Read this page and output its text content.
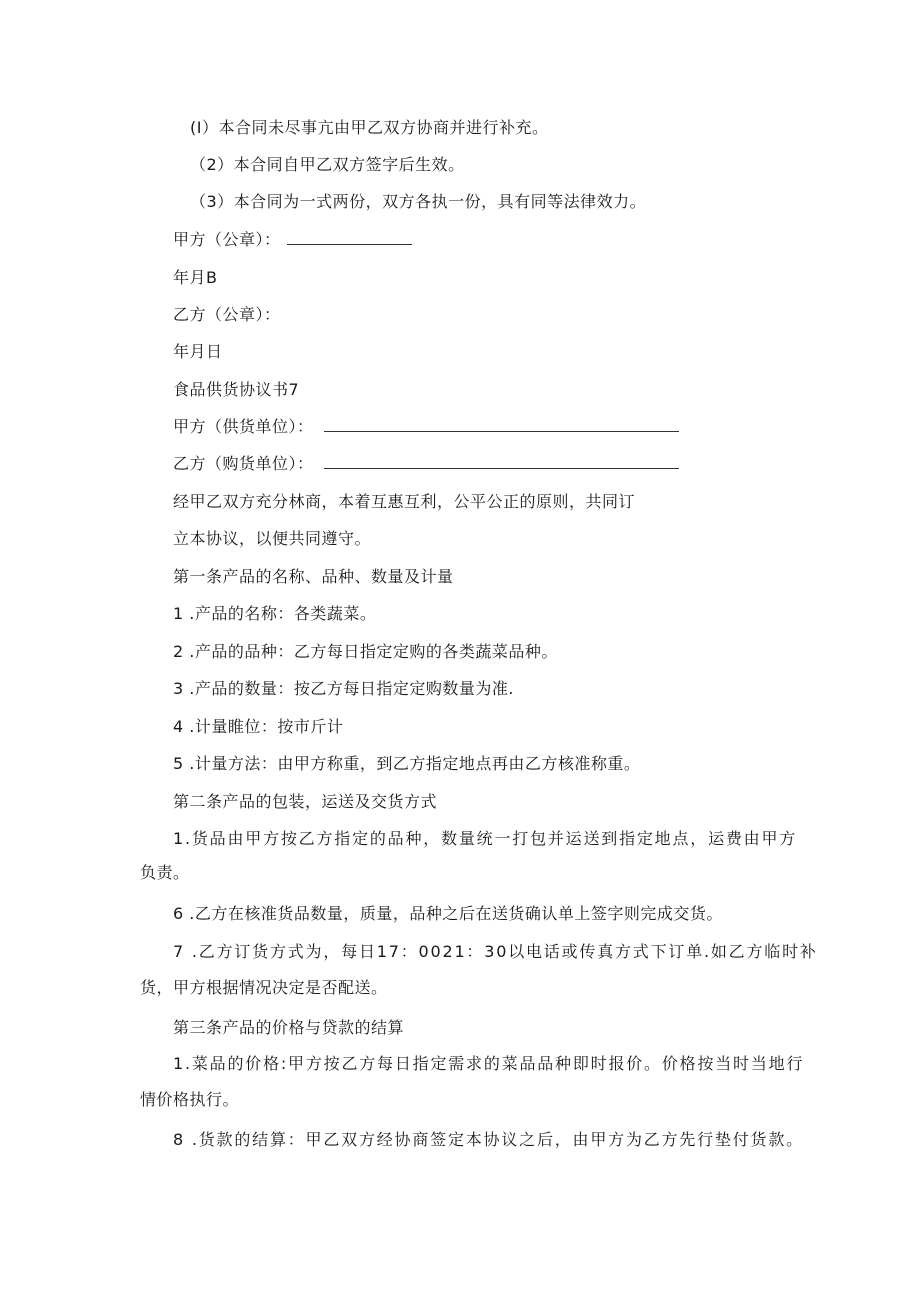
(I）本合同未尽事亢由甲乙双方协商并进行补充。
（2）本合同自甲乙双方签字后生效。
（3）本合同为一式两份，双方各执一份，具有同等法律效力。
甲方（公章）：
年月B
乙方（公章）：
年月日
食品供货协议书7
甲方（供货单位）：
乙方（购货单位）：
经甲乙双方充分林商，本着互惠互利，公平公正的原则，共同订
立本协议，以便共同遵守。
第一条产品的名称、品种、数量及计量
1 .产品的名称：各类蔬菜。
2 .产品的品种：乙方每日指定定购的各类蔬菜品种。
3 .产品的数量：按乙方每日指定定购数量为准.
4 .计量睢位：按市斤计
5 .计量方法：由甲方称重，到乙方指定地点再由乙方核准称重。
第二条产品的包装，运送及交货方式
1.货品由甲方按乙方指定的品种，数量统一打包并运送到指定地点，运费由甲方
负责。
6 .乙方在核准货品数量，质量，品种之后在送货确认单上签字则完成交货。
7 .乙方订货方式为，每日17：0021：30以电话或传真方式下订单.如乙方临时补
货，甲方根据情况决定是否配送。
第三条产品的价格与贷款的结算
1.菜品的价格:甲方按乙方每日指定需求的菜品品种即时报价。价格按当时当地行
情价格执行。
8 .货款的结算：甲乙双方经协商签定本协议之后，由甲方为乙方先行垫付货款。
